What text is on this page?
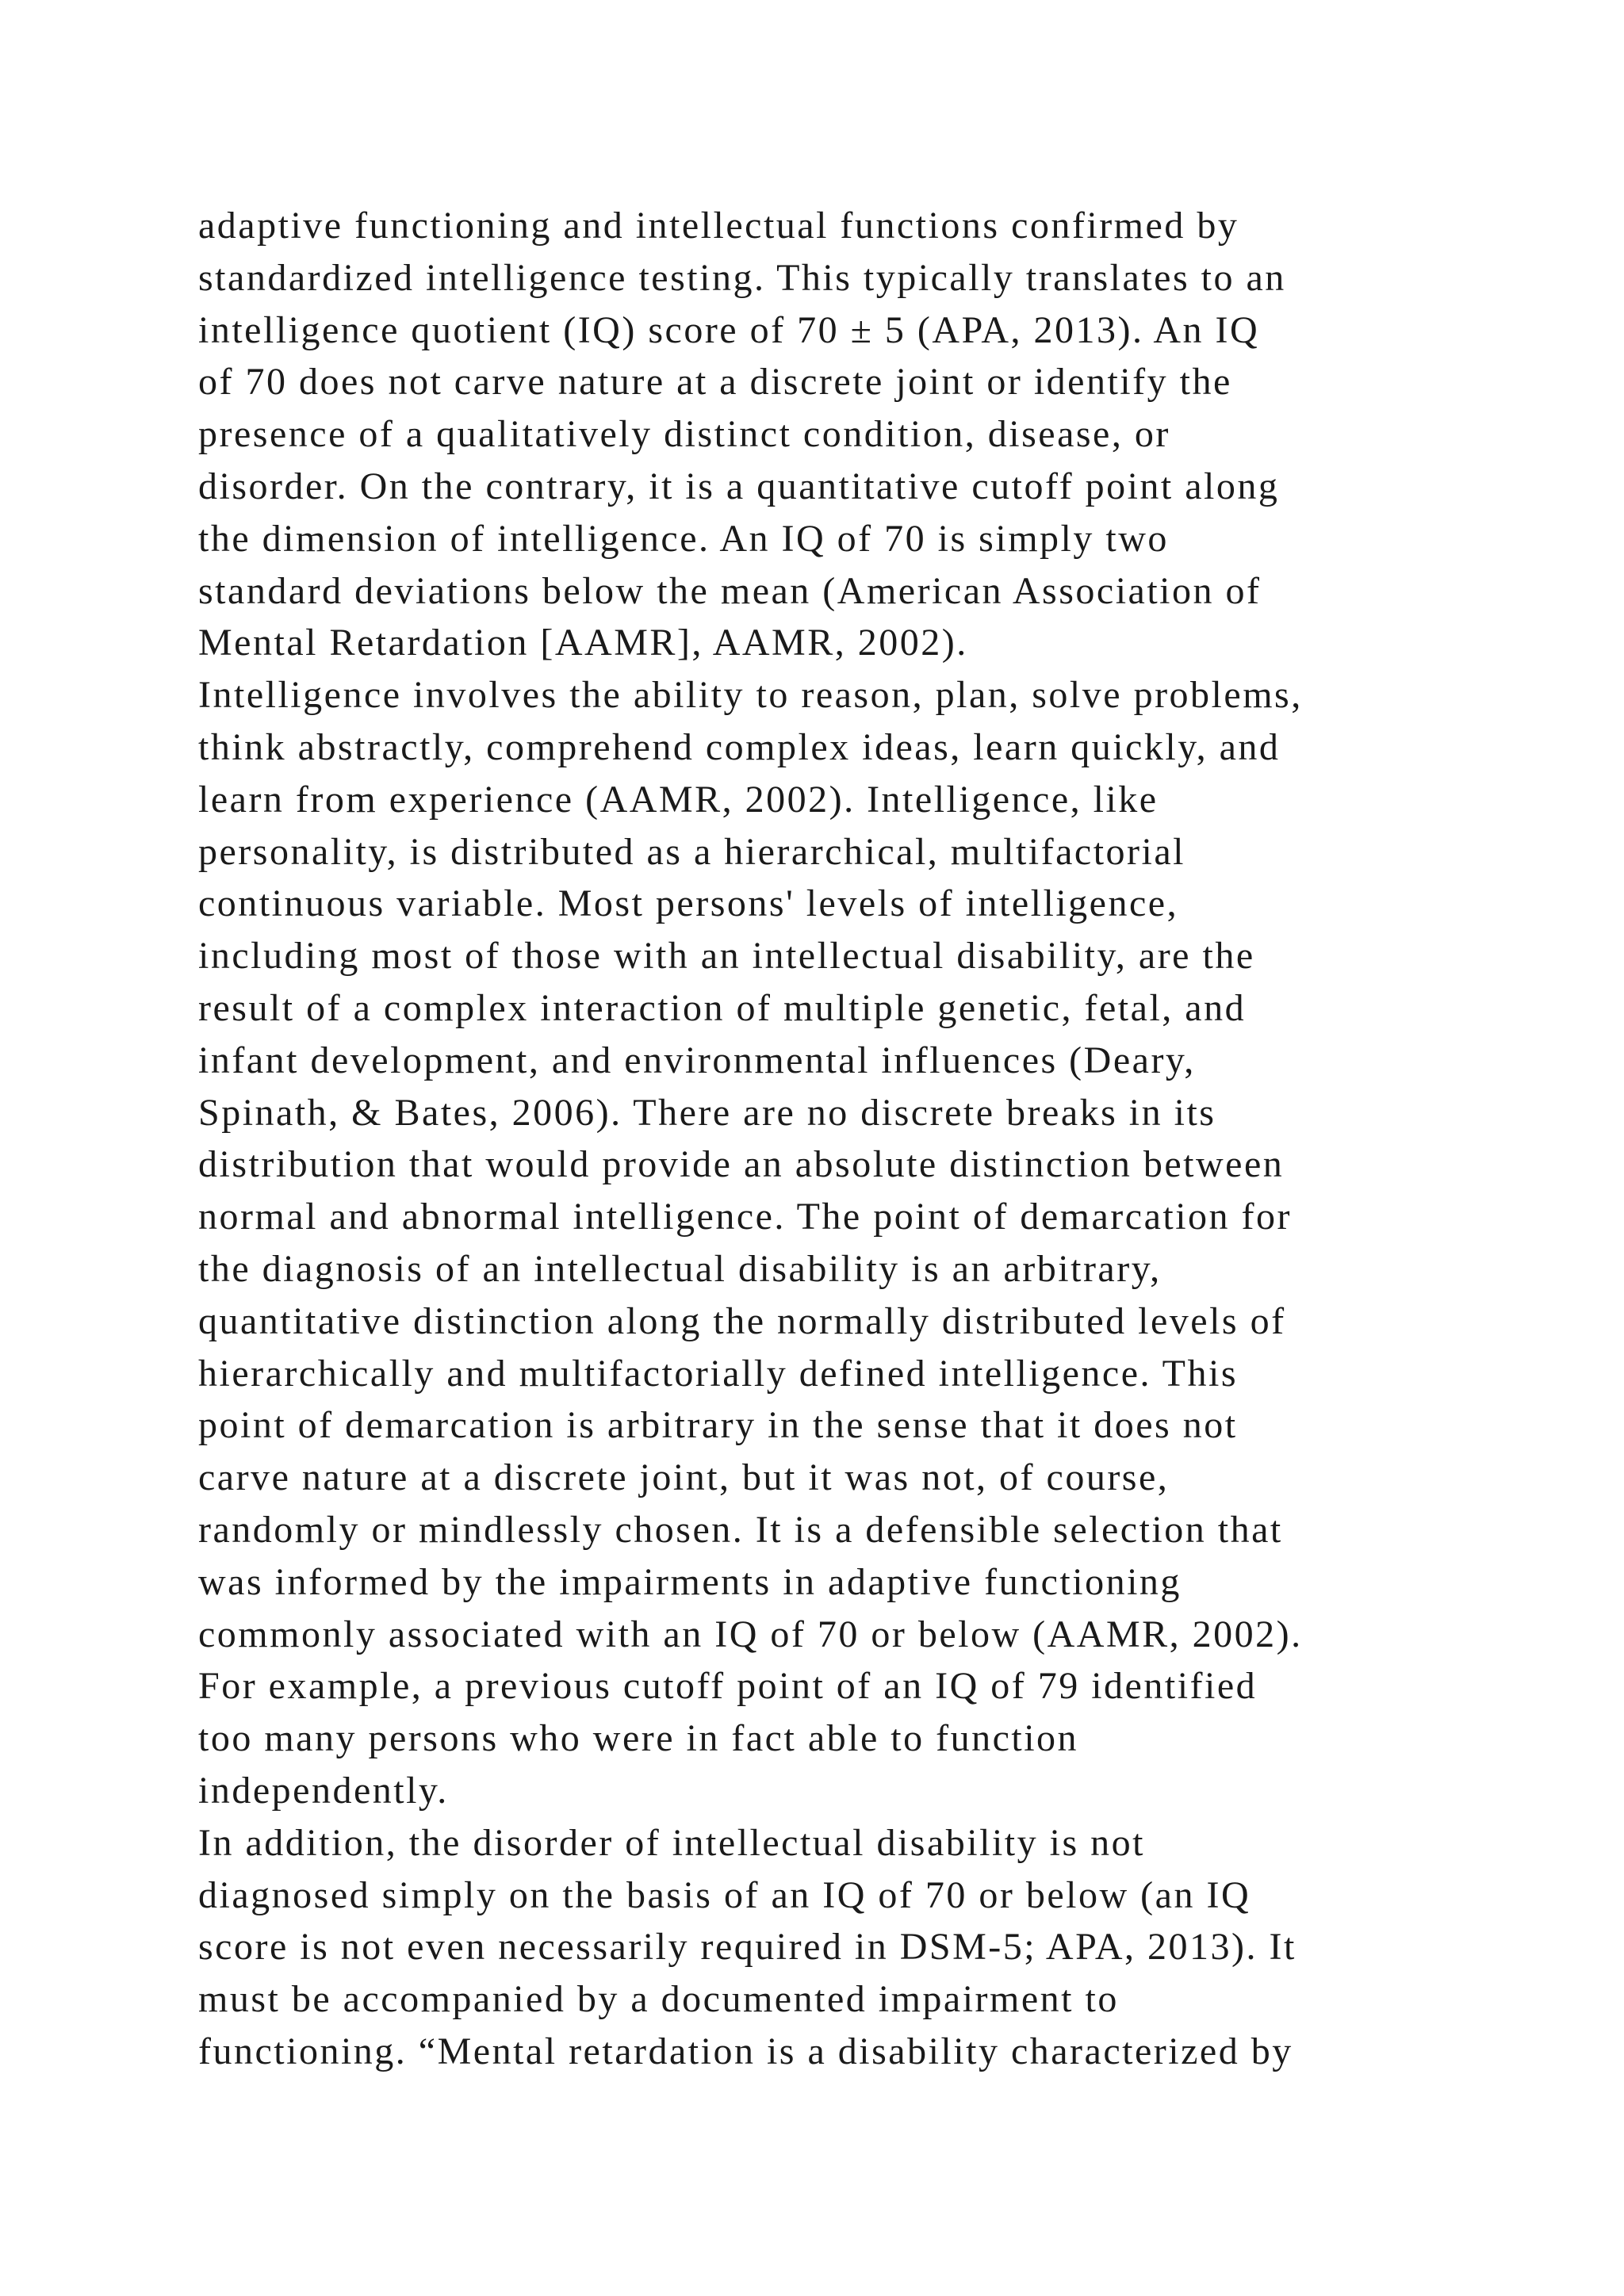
adaptive functioning and intellectual functions confirmed by
standardized intelligence testing. This typically translates to an
intelligence quotient (IQ) score of 70 ± 5 (APA, 2013). An IQ
of 70 does not carve nature at a discrete joint or identify the
presence of a qualitatively distinct condition, disease, or
disorder. On the contrary, it is a quantitative cutoff point along
the dimension of intelligence. An IQ of 70 is simply two
standard deviations below the mean (American Association of
Mental Retardation [AAMR], AAMR, 2002).
Intelligence involves the ability to reason, plan, solve problems,
think abstractly, comprehend complex ideas, learn quickly, and
learn from experience (AAMR, 2002). Intelligence, like
personality, is distributed as a hierarchical, multifactorial
continuous variable. Most persons' levels of intelligence,
including most of those with an intellectual disability, are the
result of a complex interaction of multiple genetic, fetal, and
infant development, and environmental influences (Deary,
Spinath, & Bates, 2006). There are no discrete breaks in its
distribution that would provide an absolute distinction between
normal and abnormal intelligence. The point of demarcation for
the diagnosis of an intellectual disability is an arbitrary,
quantitative distinction along the normally distributed levels of
hierarchically and multifactorially defined intelligence. This
point of demarcation is arbitrary in the sense that it does not
carve nature at a discrete joint, but it was not, of course,
randomly or mindlessly chosen. It is a defensible selection that
was informed by the impairments in adaptive functioning
commonly associated with an IQ of 70 or below (AAMR, 2002).
For example, a previous cutoff point of an IQ of 79 identified
too many persons who were in fact able to function
independently.
In addition, the disorder of intellectual disability is not
diagnosed simply on the basis of an IQ of 70 or below (an IQ
score is not even necessarily required in DSM-5; APA, 2013). It
must be accompanied by a documented impairment to
functioning. “Mental retardation is a disability characterized by
